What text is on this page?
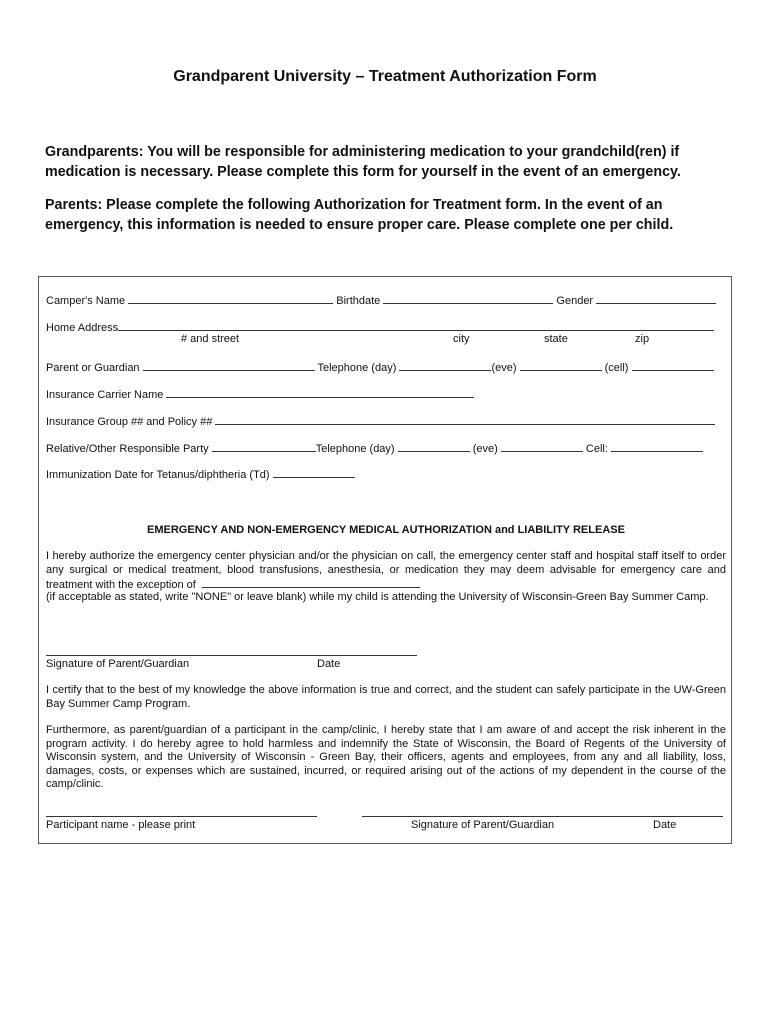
Grandparent University – Treatment Authorization Form
Grandparents: You will be responsible for administering medication to your grandchild(ren) if medication is necessary. Please complete this form for yourself in the event of an emergency.
Parents: Please complete the following Authorization for Treatment form. In the event of an emergency, this information is needed to ensure proper care. Please complete one per child.
Camper's Name	Birthdate	Gender
Home Address
# and street	city	state	zip
Parent or Guardian	Telephone (day)	(eve)	(cell)
Insurance Carrier Name
Insurance Group ## and Policy ##
Relative/Other Responsible Party	Telephone (day)	(eve)	Cell:
Immunization Date for Tetanus/diphtheria (Td)
EMERGENCY AND NON-EMERGENCY MEDICAL AUTHORIZATION and LIABILITY RELEASE
I hereby authorize the emergency center physician and/or the physician on call, the emergency center staff and hospital staff itself to order any surgical or medical treatment, blood transfusions, anesthesia, or medication they may deem advisable for emergency care and treatment with the exception of
(if acceptable as stated, write "NONE" or leave blank) while my child is attending the University of Wisconsin-Green Bay Summer Camp.
Signature of Parent/Guardian	Date
I certify that to the best of my knowledge the above information is true and correct, and the student can safely participate in the UW-Green Bay Summer Camp Program.
Furthermore, as parent/guardian of a participant in the camp/clinic, I hereby state that I am aware of and accept the risk inherent in the program activity. I do hereby agree to hold harmless and indemnify the State of Wisconsin, the Board of Regents of the University of Wisconsin system, and the University of Wisconsin - Green Bay, their officers, agents and employees, from any and all liability, loss, damages, costs, or expenses which are sustained, incurred, or required arising out of the actions of my dependent in the course of the camp/clinic.
Participant name - please print	Signature of Parent/Guardian	Date
